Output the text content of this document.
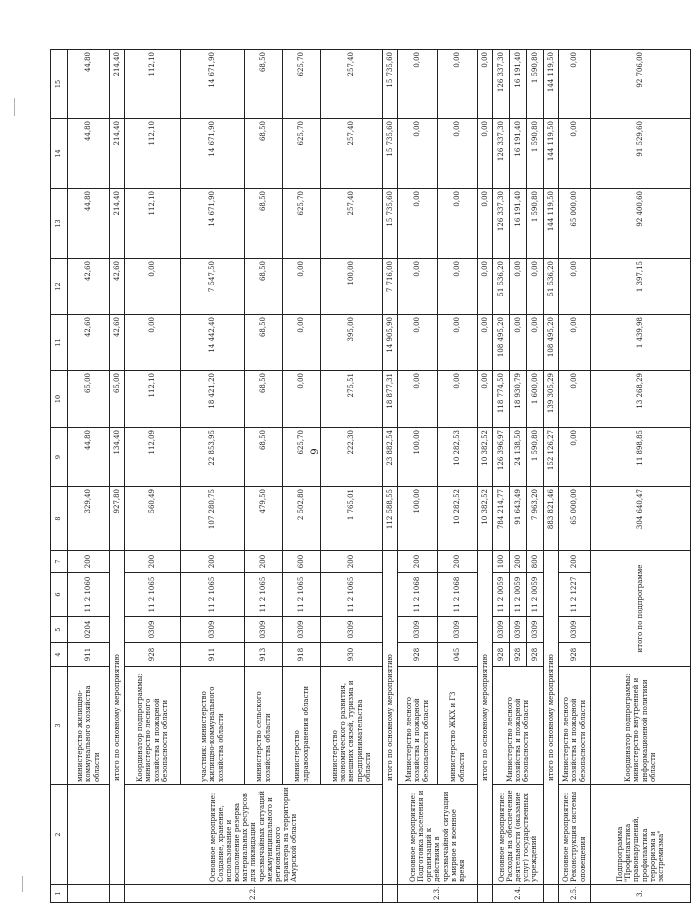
6
1	2	3	4	5	6	7	8	9	10	11	12	13	14	15
		министерство жилищно-коммунального хозяйства области	911	0204	11 2 1060	200	329,40	44,80	65,00	42,60	42,60	44,80	44,80	44,80
	итого по основному мероприятию						927,80	134,40	65,00	42,60	42,60	214,40	214,40	214,40
2.2.	Основное мероприятие: Создание, хранение, использование и восполнение резерва материальных ресурсов для ликвидации чрезвычайных ситуаций межмуниципального и регионального характера на территории Амурской области	Координатор подпрограммы: министерство лесного хозяйства и пожарной безопасности области	928	0309	11 2 1065	200	560,49	112,09	112,10	0,00	0,00	112,10	112,10	112,10
		участник: министерство жилищно-коммунального хозяйства области	911	0309	11 2 1065	200	107 280,75	22 853,95	18 421,20	14 442,40	7 547,50	14 671,90	14 671,90	14 671,90
		министерство сельского хозяйства области	913	0309	11 2 1065	200	479,50	68,50	68,50	68,50	68,50	68,50	68,50	68,50
		министерство здравоохранения области	918	0309	11 2 1065	600	2 502,80	625,70	0,00	0,00	0,00	625,70	625,70	625,70
		министерство экономического развития, внешних связей, туризма и предпринимательства области	930	0309	11 2 1065	200	1 765,01	222,30	275,51	395,00	100,00	257,40	257,40	257,40
	итого по основному мероприятию						112 588,55	23 882,54	18 877,31	14 905,90	7 716,00	15 735,60	15 735,60	15 735,60
2.3.	Основное мероприятие: Подготовка населения и организаций к действиям в чрезвычайной ситуации в мирное и военное время	Министерство лесного хозяйства и пожарной безопасности области	928	0309	11 2 1068	200	100,00	100,00	0,00	0,00	0,00	0,00	0,00	0,00
		министерство ЖКХ и ГЗ области	045	0309	11 2 1068	200	10 282,52	10 282,53	0,00	0,00	0,00	0,00	0,00	0,00
	итого по основному мероприятию						10 382,52	10 382,52	0,00	0,00	0,00	0,00	0,00	0,00
2.4.	Основное мероприятие: Расходы на обеспечение деятельности (оказание услуг) государственных учреждений	Министерство лесного хозяйства и пожарной безопасности области	928	0309	11 2 0059	100	784 214,77	126 396,97	118 774,50	108 495,20	51 536,20	126 337,30	126 337,30	126 337,30
			928	0309	11 2 0059	200	91 643,49	24 138,50	18 930,79	0,00	0,00	16 191,40	16 191,40	16 191,40
			928	0309	11 2 0059	800	7 963,20	1 590,80	1 600,00	0,00	0,00	1 590,80	1 590,80	1 590,80
	итого по основному мероприятию						883 821,46	152 126,27	139 305,29	108 495,20	51 536,20	144 119,50	144 119,50	144 119,50
2.5.	Основное мероприятие: Реконструкция системы оповещения	Министерство лесного хозяйства и пожарной безопасности области	928	0309	11 2 1227	200	65 000,00	0,00	0,00	0,00	0,00	65 000,00	0,00	0,00
3.	Подпрограмма "Профилактика правонарушений, профилактика терроризма и экстремизма"	Координатор подпрограммы: министерство внутренней и информационной политики области	итого по подпрограмме				304 640,47	11 898,85	13 268,29	1 439,98	1 397,15	92 400,60	91 529,60	92 706,00
